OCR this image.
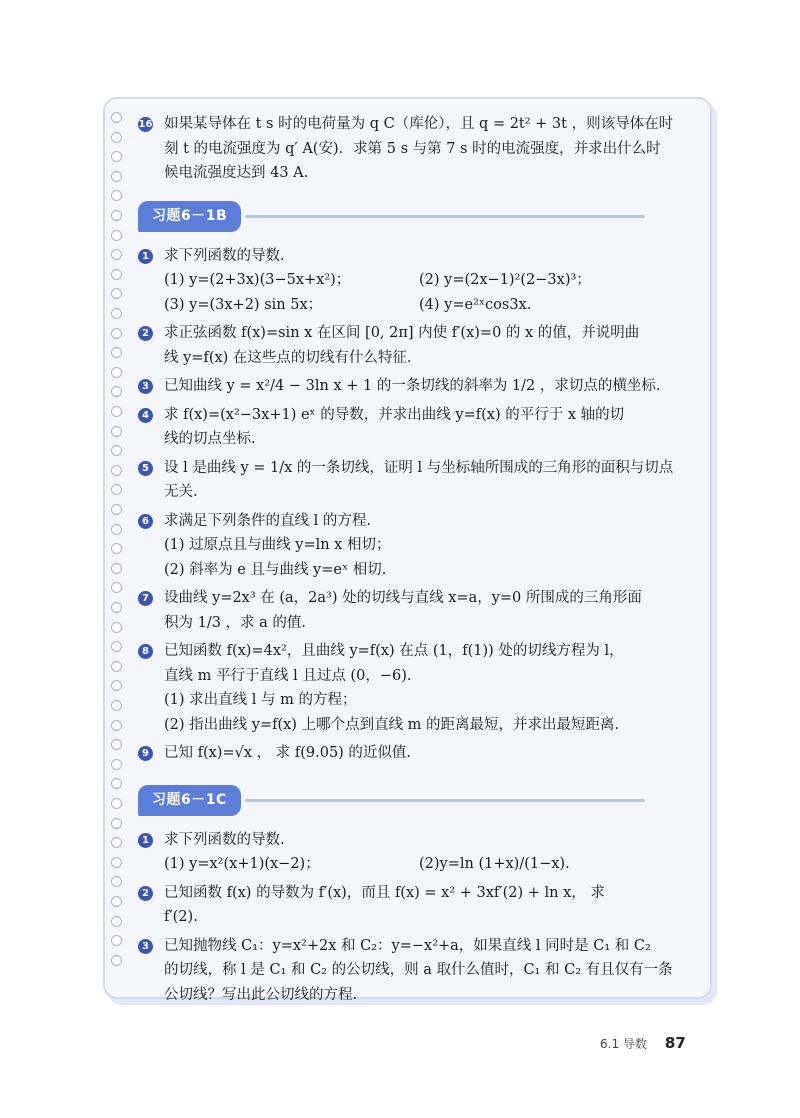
16 如果某导体在 t s 时的电荷量为 q C（库伦），且 q = 2t² + 3t ，则该导体在时
刻 t 的电流强度为 q′ A(安)．求第 5 s 与第 7 s 时的电流强度，并求出什么时
候电流强度达到 43 A.
习题6－1B
1 求下列函数的导数．
(1) y=(2+3x)(3−5x+x²)；	(2) y=(2x−1)²(2−3x)³；
(3) y=(3x+2) sin 5x；	(4) y=e²ˣcos3x.
2 求正弦函数 f(x)=sin x 在区间 [0, 2π] 内使 f′(x)=0 的 x 的值，并说明曲
线 y=f(x) 在这些点的切线有什么特征．
3 已知曲线 y = x²/4 − 3ln x + 1 的一条切线的斜率为 1/2 ，求切点的横坐标.
4 求 f(x)=(x²−3x+1) eˣ 的导数，并求出曲线 y=f(x) 的平行于 x 轴的切
线的切点坐标.
5 设 l 是曲线 y = 1/x 的一条切线，证明 l 与坐标轴所围成的三角形的面积与切点
无关.
6 求满足下列条件的直线 l 的方程.
(1) 过原点且与曲线 y=ln x 相切；
(2) 斜率为 e 且与曲线 y=eˣ 相切.
7 设曲线 y=2x³ 在 (a，2a³) 处的切线与直线 x=a，y=0 所围成的三角形面
积为 1/3 ，求 a 的值.
8 已知函数 f(x)=4x²，且曲线 y=f(x) 在点 (1，f(1)) 处的切线方程为 l，
直线 m 平行于直线 l 且过点 (0，−6).
(1) 求出直线 l 与 m 的方程；
(2) 指出曲线 y=f(x) 上哪个点到直线 m 的距离最短，并求出最短距离.
9 已知 f(x)=√x ， 求 f(9.05) 的近似值.
习题6－1C
1 求下列函数的导数.
(1) y=x²(x+1)(x−2)；	(2)y=ln (1+x)/(1−x).
2 已知函数 f(x) 的导数为 f′(x)，而且 f(x) = x² + 3xf′(2) + ln x， 求
f′(2).
3 已知抛物线 C₁：y=x²+2x 和 C₂：y=−x²+a，如果直线 l 同时是 C₁ 和 C₂
的切线，称 l 是 C₁ 和 C₂ 的公切线，则 a 取什么值时，C₁ 和 C₂ 有且仅有一条
公切线？写出此公切线的方程.
6.1 导数 87
